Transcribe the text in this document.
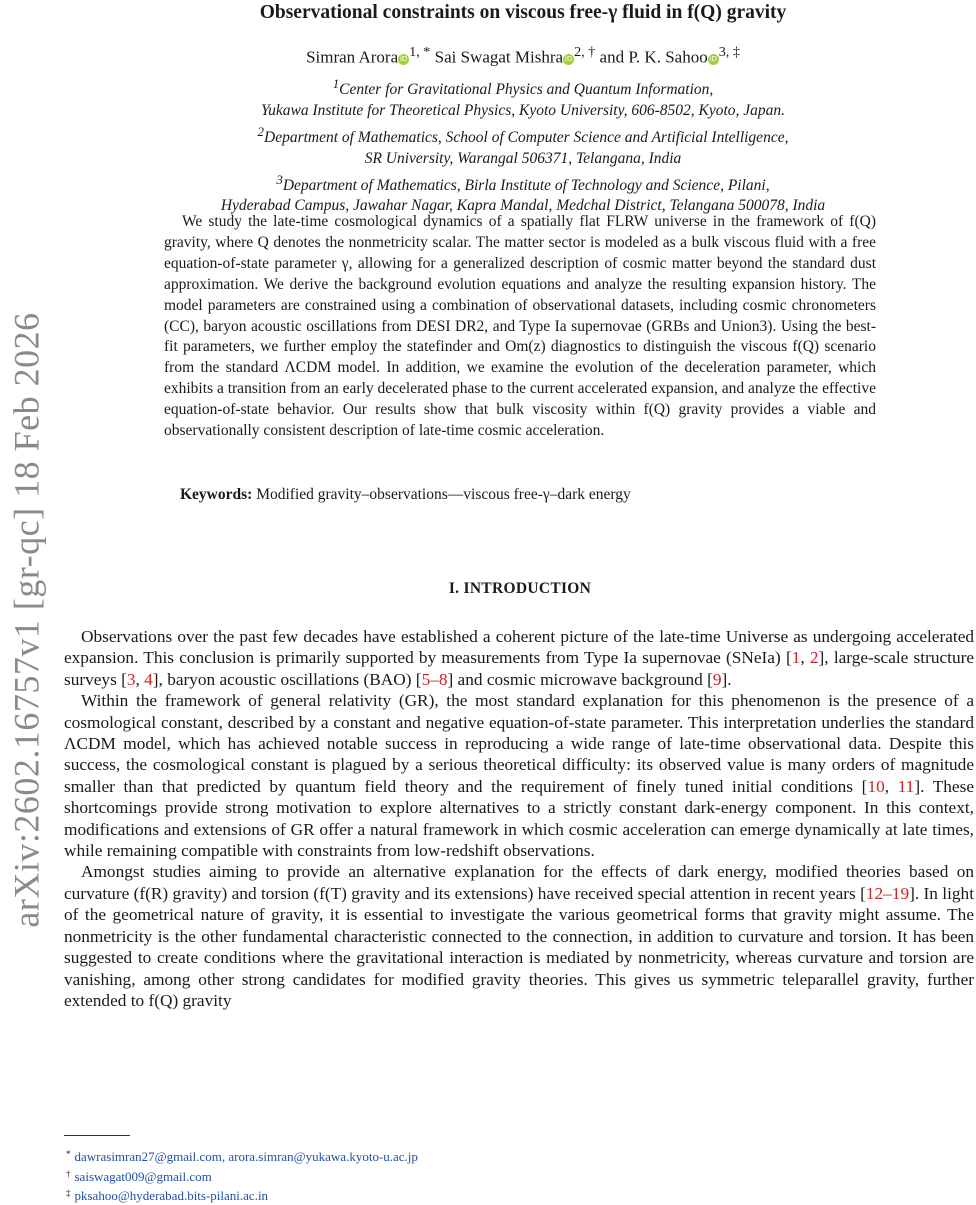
arXiv:2602.16757v1 [gr-qc] 18 Feb 2026
Observational constraints on viscous free-γ fluid in f(Q) gravity
Simran Arora iD $^{1, *}$ Sai Swagat Mishra iD $^{2, \dagger}$ and P. K. Sahoo iD $^{3, \ddagger}$
$^1$Center for Gravitational Physics and Quantum Information,
Yukawa Institute for Theoretical Physics, Kyoto University, 606-8502, Kyoto, Japan.
$^2$Department of Mathematics, School of Computer Science and Artificial Intelligence,
SR University, Warangal 506371, Telangana, India
$^3$Department of Mathematics, Birla Institute of Technology and Science, Pilani,
Hyderabad Campus, Jawahar Nagar, Kapra Mandal, Medchal District, Telangana 500078, India
We study the late-time cosmological dynamics of a spatially flat FLRW universe in the framework of f(Q) gravity, where Q denotes the nonmetricity scalar. The matter sector is modeled as a bulk viscous fluid with a free equation-of-state parameter γ, allowing for a generalized description of cosmic matter beyond the standard dust approximation. We derive the background evolution equations and analyze the resulting expansion history. The model parameters are constrained using a combination of observational datasets, including cosmic chronometers (CC), baryon acoustic oscillations from DESI DR2, and Type Ia supernovae (GRBs and Union3). Using the best-fit parameters, we further employ the statefinder and Om(z) diagnostics to distinguish the viscous f(Q) scenario from the standard ΛCDM model. In addition, we examine the evolution of the deceleration parameter, which exhibits a transition from an early decelerated phase to the current accelerated expansion, and analyze the effective equation-of-state behavior. Our results show that bulk viscosity within f(Q) gravity provides a viable and observationally consistent description of late-time cosmic acceleration.
Keywords: Modified gravity–observations—viscous free-γ–dark energy
I. INTRODUCTION

Observations over the past few decades have established a coherent picture of the late-time Universe as undergoing accelerated expansion. This conclusion is primarily supported by measurements from Type Ia supernovae (SNeIa) [1, 2], large-scale structure surveys [3, 4], baryon acoustic oscillations (BAO) [5–8] and cosmic microwave background [9].

Within the framework of general relativity (GR), the most standard explanation for this phenomenon is the presence of a cosmological constant, described by a constant and negative equation-of-state parameter. This interpretation underlies the standard ΛCDM model, which has achieved notable success in reproducing a wide range of late-time observational data. Despite this success, the cosmological constant is plagued by a serious theoretical difficulty: its observed value is many orders of magnitude smaller than that predicted by quantum field theory and the requirement of finely tuned initial conditions [10, 11]. These shortcomings provide strong motivation to explore alternatives to a strictly constant dark-energy component. In this context, modifications and extensions of GR offer a natural framework in which cosmic acceleration can emerge dynamically at late times, while remaining compatible with constraints from low-redshift observations.

Amongst studies aiming to provide an alternative explanation for the effects of dark energy, modified theories based on curvature (f(R) gravity) and torsion (f(T) gravity and its extensions) have received special attention in recent years [12–19]. In light of the geometrical nature of gravity, it is essential to investigate the various geometrical forms that gravity might assume. The nonmetricity is the other fundamental characteristic connected to the connection, in addition to curvature and torsion. It has been suggested to create conditions where the gravitational interaction is mediated by nonmetricity, whereas curvature and torsion are vanishing, among other strong candidates for modified gravity theories. This gives us symmetric teleparallel gravity, further extended to f(Q) gravity

* dawrasimran27@gmail.com, arora.simran@yukawa.kyoto-u.ac.jp
† saiswagat009@gmail.com
‡ pksahoo@hyderabad.bits-pilani.ac.in
